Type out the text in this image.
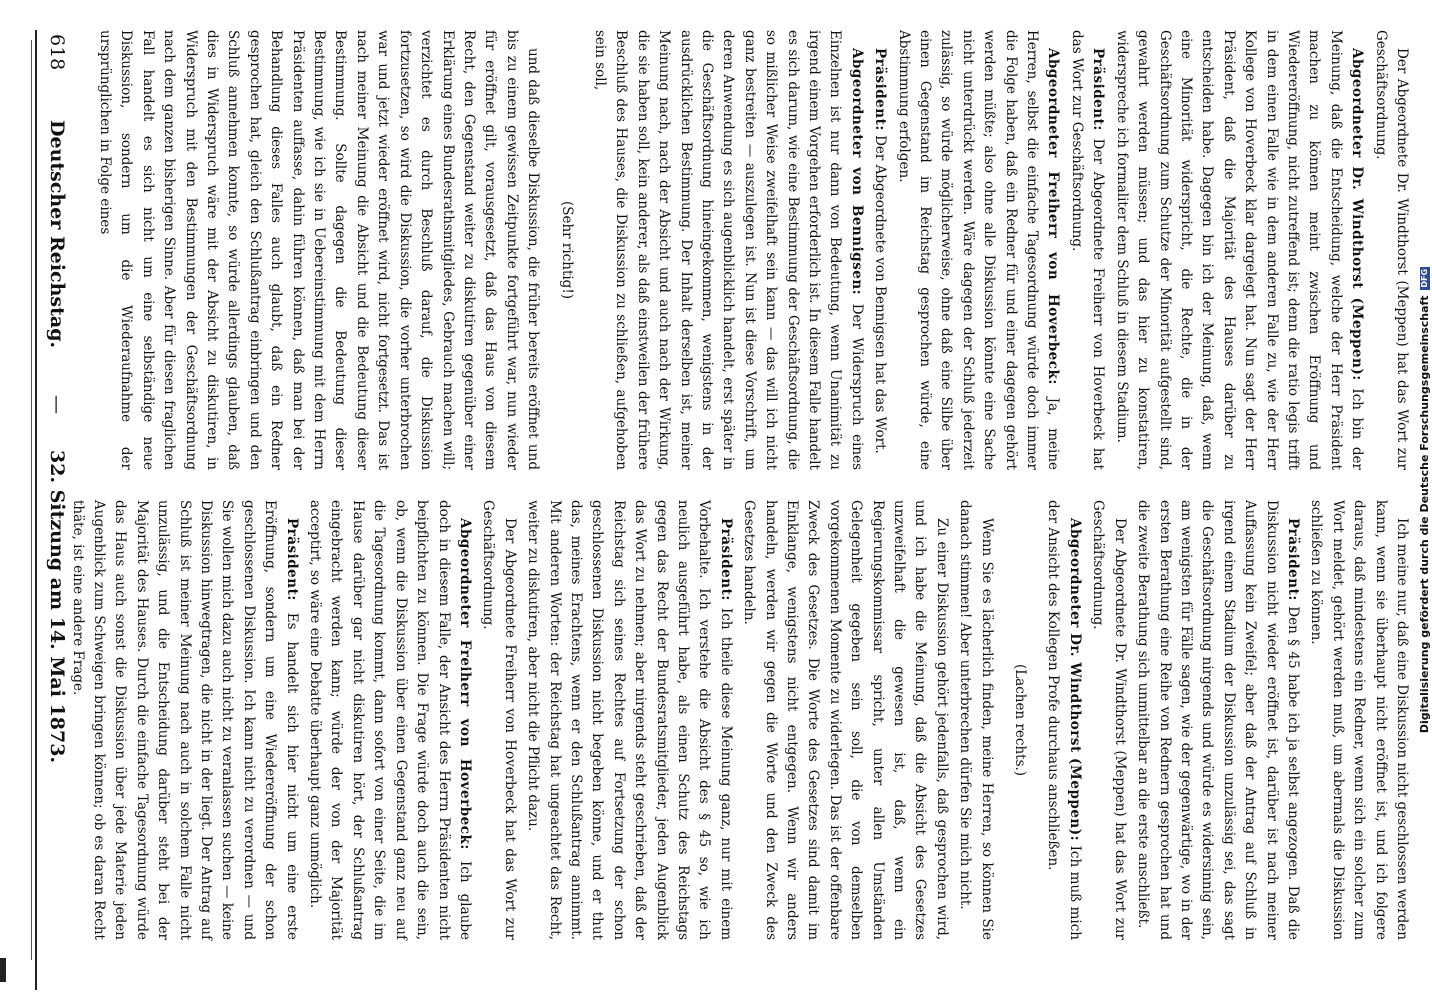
618
Deutscher Reichstag.
—
32. Sitzung am 14. Mai 1873.	Ich meine nur, daß eine Diskussion nicht geschlossen werden kann, wenn sie überhaupt nicht eröffnet ist, und ich folgere daraus, daß mindestens ein Redner, wenn sich ein solcher zum Wort meldet, gehört werden muß, um abermals die Diskussion schließen zu können.

Präsident: Den § 45 habe ich ja selbst angezogen. Daß die Diskussion nicht wieder eröffnet ist, darüber ist nach meiner Auffassung kein Zweifel; aber daß der Antrag auf Schluß in irgend einem Stadium der Diskussion unzulässig sei, das sagt die Geschäftsordnung nirgends und würde es widersinnig sein, am wenigsten für Fälle sagen, wie der gegenwärtige, wo in der ersten Berathung eine Reihe von Rednern gesprochen hat und die zweite Berathung sich unmittelbar an die erste anschließt.

Der Abgeordnete Dr. Windthorst (Meppen) hat das Wort zur Geschäftsordnung.

Abgeordneter Dr. Windthorst (Meppen): Ich muß mich der Ansicht des Kollegen Profe durchaus anschließen.

(Lachen rechts.)

Wenn Sie es lächerlich finden, meine Herren, so können Sie danach stimmen! Aber unterbrechen dürfen Sie mich nicht.

Zu einer Diskussion gehört jedenfalls, daß gesprochen wird, und ich habe die Meinung, daß die Absicht des Gesetzes unzweifelhaft die gewesen ist, daß, wenn ein Regierungskommissar spricht, unter allen Umständen Gelegenheit gegeben sein soll, die von demselben vorgekommenen Momente zu widerlegen. Das ist der offenbare Zweck des Gesetzes. Die Worte des Gesetzes sind damit im Einklange, wenigstens nicht entgegen. Wenn wir anders handeln, werden wir gegen die Worte und den Zweck des Gesetzes handeln.

Präsident: Ich theile diese Meinung ganz, nur mit einem Vorbehalte. Ich verstehe die Absicht des § 45 so, wie ich neulich ausgeführt habe, als einen Schutz des Reichstags gegen das Recht der Bundesratsmitglieder, jeden Augenblick das Wort zu nehmen; aber nirgends steht geschrieben, daß der Reichstag sich seines Rechtes auf Fortsetzung der schon geschlossenen Diskussion nicht begeben könne, und er thut das, meines Erachtens, wenn er den Schlußantrag annimmt. Mit anderen Worten: der Reichstag hat ungeachtet das Recht, weiter zu diskutiren, aber nicht die Pflicht dazu.

Der Abgeordnete Freiherr von Hoverbeck hat das Wort zur Geschäftsordnung.

Abgeordneter Freiherr von Hoverbeck: Ich glaube doch in diesem Falle, der Ansicht des Herrn Präsidenten nicht beipflichten zu können. Die Frage würde doch auch die sein, ob, wenn die Diskussion über einen Gegenstand ganz neu auf die Tagesordnung kommt, dann sofort von einer Seite, die im Hause darüber gar nicht diskutiren hört, der Schlußantrag eingebracht werden kann; würde der von der Majorität acceptirt, so wäre eine Debatte überhaupt ganz unmöglich.

Präsident: Es handelt sich hier nicht um eine erste Eröffnung, sondern um eine Wiedereröffnung der schon geschlossenen Diskussion. Ich kann nicht zu verordnen — und Sie wollen mich dazu auch nicht zu veranlassen suchen — keine Diskussion hinwegtragen, die nicht in der liegt. Der Antrag auf Schluß ist meiner Meinung nach auch in solchem Falle nicht unzulässig, und die Entscheidung darüber steht bei der Majorität des Hauses. Durch die einfache Tagesordnung würde das Haus auch sonst die Diskussion über jede Materie jeden Augenblick zum Schweigen bringen können; ob es daran Recht thäte, ist eine andere Frage.

Der Abgeordnete Dr. Windthorst (Meppen) hat das Wort zur Geschäftsordnung.

Abgeordneter Dr. Windthorst (Meppen): Ich bin der Meinung, daß die Entscheidung, welche der Herr Präsident machen zu können meint zwischen Eröffnung und Wiedereröffnung, nicht zutreffend ist; denn die ratio legis trifft in dem einen Falle wie in dem anderen Falle zu, wie der Herr Kollege von Hoverbeck klar dargelegt hat. Nun sagt der Herr Präsident, daß die Majorität des Hauses darüber zu entscheiden habe. Dagegen bin ich der Meinung, daß, wenn eine Minorität widerspricht, die Rechte, die in der Geschäftsordnung zum Schutze der Minorität aufgestellt sind, gewahrt werden müssen; und das hier zu konstatiren, widerspreche ich formaliter dem Schluß in diesem Stadium.

Präsident: Der Abgeordnete Freiherr von Hoverbeck hat das Wort zur Geschäftsordnung.

Abgeordneter Freiherr von Hoverbeck: Ja, meine Herren, selbst die einfache Tagesordnung würde doch immer die Folge haben, daß ein Redner für und einer dagegen gehört werden müßte; also ohne alle Diskussion könnte eine Sache nicht unterdrückt werden. Wäre dagegen der Schluß jederzeit zulässig, so würde möglicherweise, ohne daß eine Silbe über einen Gegenstand im Reichstag gesprochen würde, eine Abstimmung erfolgen.

Präsident: Der Abgeordnete von Bennigsen hat das Wort.

Abgeordneter von Bennigsen: Der Widerspruch eines Einzelnen ist nur dann von Bedeutung, wenn Unanimität zu irgend einem Vorgehen erforderlich ist. In diesem Falle handelt es sich darum, wie eine Bestimmung der Geschäftsordnung, die so mißlicher Weise zweifelhaft sein kann — das will ich nicht ganz bestreiten — auszulegen ist. Nun ist diese Vorschrift, um deren Anwendung es sich augenblicklich handelt, erst später in die Geschäftsordnung hineingekommen, wenigstens in der ausdrücklichen Bestimmung. Der Inhalt derselben ist, meiner Meinung nach, nach der Absicht und auch nach der Wirkung, die sie haben soll, kein anderer, als daß einstweilen der frühere Beschluß des Hauses, die Diskussion zu schließen, aufgehoben sein soll,

(Sehr richtig!)

und daß dieselbe Diskussion, die früher bereits eröffnet und bis zu einem gewissen Zeitpunkte fortgeführt war, nun wieder für eröffnet gilt, vorausgesetzt, daß das Haus von diesem Recht, den Gegenstand weiter zu diskutiren gegenüber einer Erklärung eines Bundesrathsmitgliedes, Gebrauch machen will; verzichtet es durch Beschluß darauf, die Diskussion fortzusetzen, so wird die Diskussion, die vorher unterbrochen war und jetzt wieder eröffnet wird, nicht fortgesetzt. Das ist nach meiner Meinung die Absicht und die Bedeutung dieser Bestimmung. Sollte dagegen die Bedeutung dieser Bestimmung, wie ich sie in Uebereinstimmung mit dem Herrn Präsidenten auffasse, dahin führen können, daß man bei der Behandlung dieses Falles auch glaubt, daß ein Redner gesprochen hat, gleich den Schlußantrag einbringen und den Schluß annehmen konnte, so würde allerdings glauben, daß dies in Widerspruch wäre mit der Absicht zu diskutiren, in Widerspruch mit den Bestimmungen der Geschäftsordnung nach dem ganzen bisherigen Sinne. Aber für diesen fraglichen Fall handelt es sich nicht um eine selbständige neue Diskussion, sondern um die Wiederaufnahme der ursprünglichen in Folge eines

Digitalisierung gefördert durch die Deutsche Forschungsgemeinschaft DFG
